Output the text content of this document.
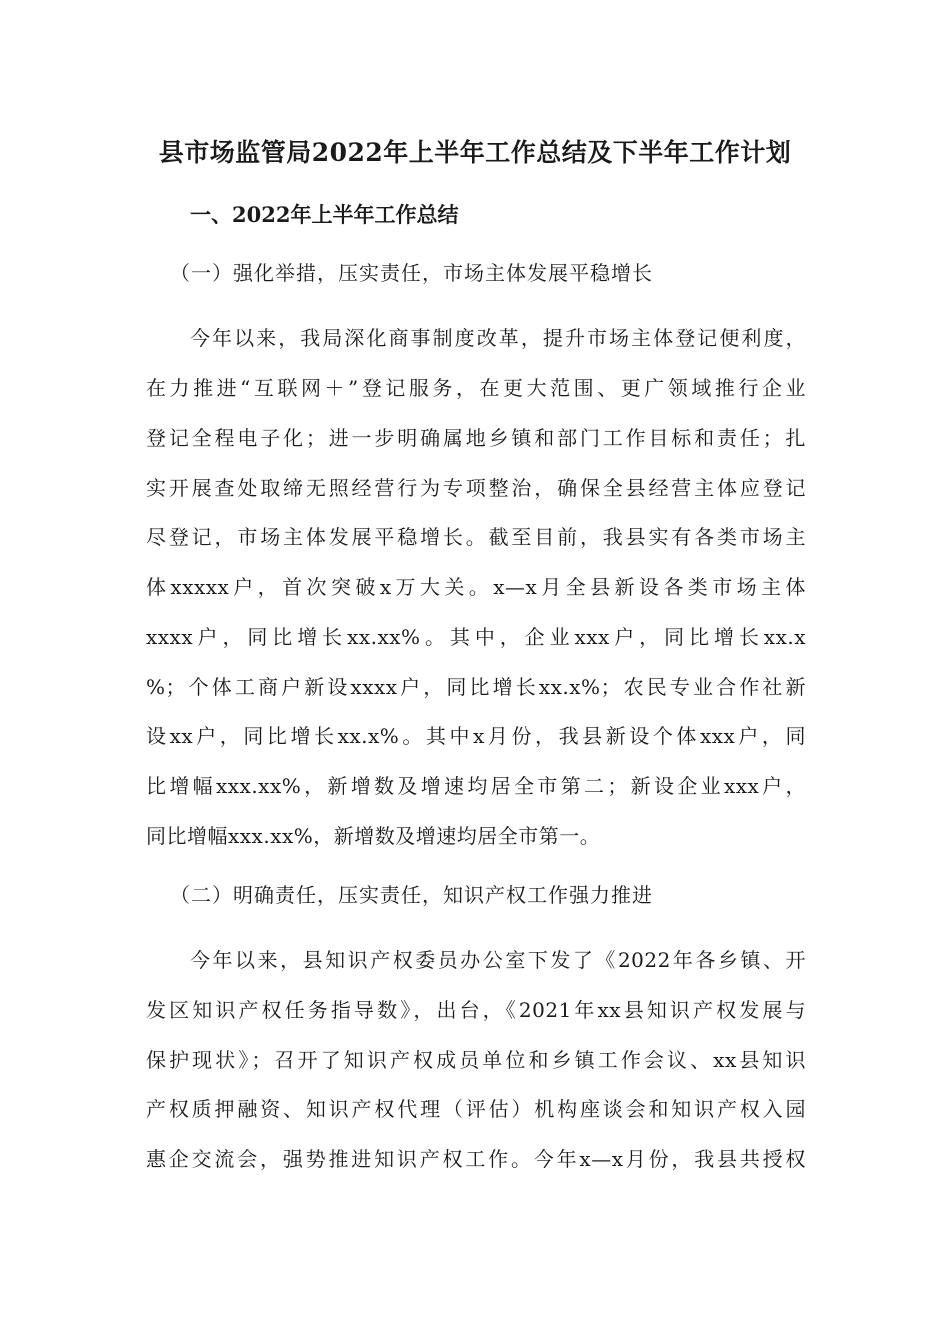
县市场监管局2022年上半年工作总结及下半年工作计划
一、2022年上半年工作总结
（一）强化举措，压实责任，市场主体发展平稳增长
今年以来，我局深化商事制度改革，提升市场主体登记便利度，
在力推进“互联网＋”登记服务，在更大范围、更广领域推行企业
登记全程电子化；进一步明确属地乡镇和部门工作目标和责任；扎
实开展查处取缔无照经营行为专项整治，确保全县经营主体应登记
尽登记，市场主体发展平稳增长。截至目前，我县实有各类市场主
体xxxxx户，首次突破x万大关。x—x月全县新设各类市场主体
xxxx户，同比增长xx.xx%。其中，企业xxx户，同比增长xx.x
%；个体工商户新设xxxx户，同比增长xx.x%；农民专业合作社新
设xx户，同比增长xx.x%。其中x月份，我县新设个体xxx户，同
比增幅xxx.xx%，新增数及增速均居全市第二；新设企业xxx户，
同比增幅xxx.xx%，新增数及增速均居全市第一。
（二）明确责任，压实责任，知识产权工作强力推进
今年以来，县知识产权委员办公室下发了《2022年各乡镇、开
发区知识产权任务指导数》，出台，《2021年xx县知识产权发展与
保护现状》；召开了知识产权成员单位和乡镇工作会议、xx县知识
产权质押融资、知识产权代理（评估）机构座谈会和知识产权入园
惠企交流会，强势推进知识产权工作。今年x—x月份，我县共授权
